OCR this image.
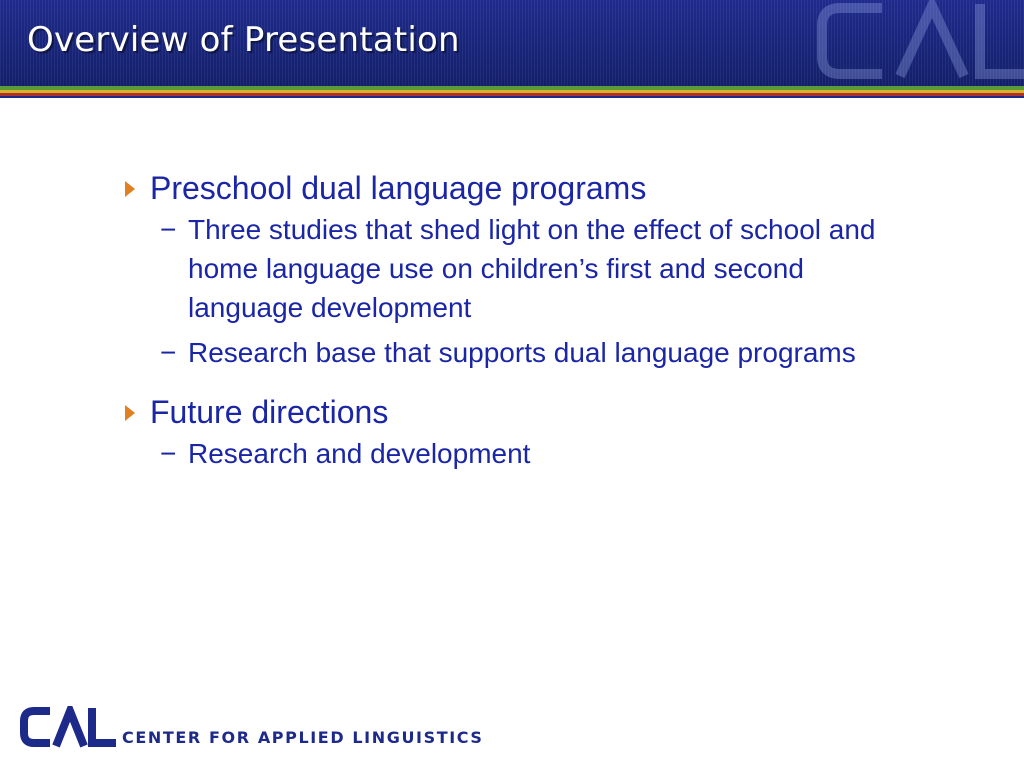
Overview of Presentation
Preschool dual language programs
− Three studies that shed light on the effect of school and home language use on children’s first and second language development
− Research base that supports dual language programs
Future directions
− Research and development
CENTER FOR APPLIED LINGUISTICS
